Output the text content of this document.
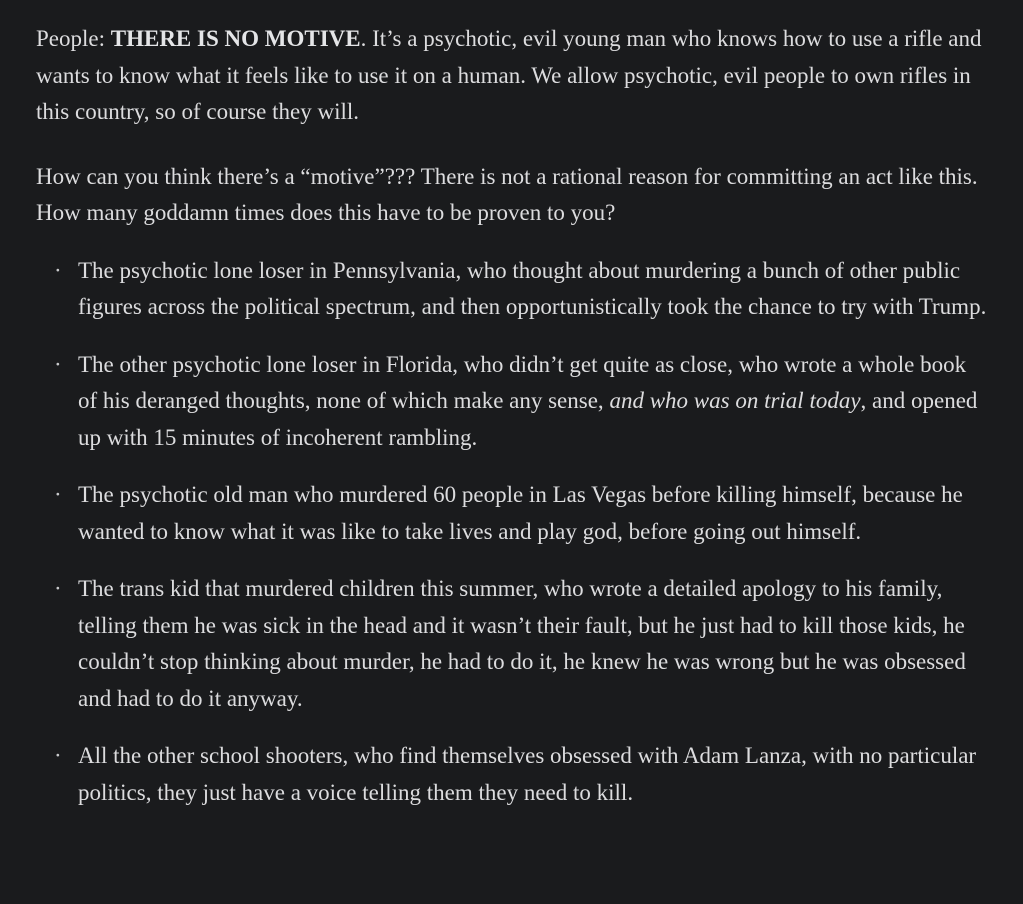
People: THERE IS NO MOTIVE. It’s a psychotic, evil young man who knows how to use a rifle and wants to know what it feels like to use it on a human. We allow psychotic, evil people to own rifles in this country, so of course they will.

How can you think there’s a “motive”??? There is not a rational reason for committing an act like this. How many goddamn times does this have to be proven to you?

· The psychotic lone loser in Pennsylvania, who thought about murdering a bunch of other public figures across the political spectrum, and then opportunistically took the chance to try with Trump.
· The other psychotic lone loser in Florida, who didn’t get quite as close, who wrote a whole book of his deranged thoughts, none of which make any sense, and who was on trial today, and opened up with 15 minutes of incoherent rambling.
· The psychotic old man who murdered 60 people in Las Vegas before killing himself, because he wanted to know what it was like to take lives and play god, before going out himself.
· The trans kid that murdered children this summer, who wrote a detailed apology to his family, telling them he was sick in the head and it wasn’t their fault, but he just had to kill those kids, he couldn’t stop thinking about murder, he had to do it, he knew he was wrong but he was obsessed and had to do it anyway.
· All the other school shooters, who find themselves obsessed with Adam Lanza, with no particular politics, they just have a voice telling them they need to kill.
